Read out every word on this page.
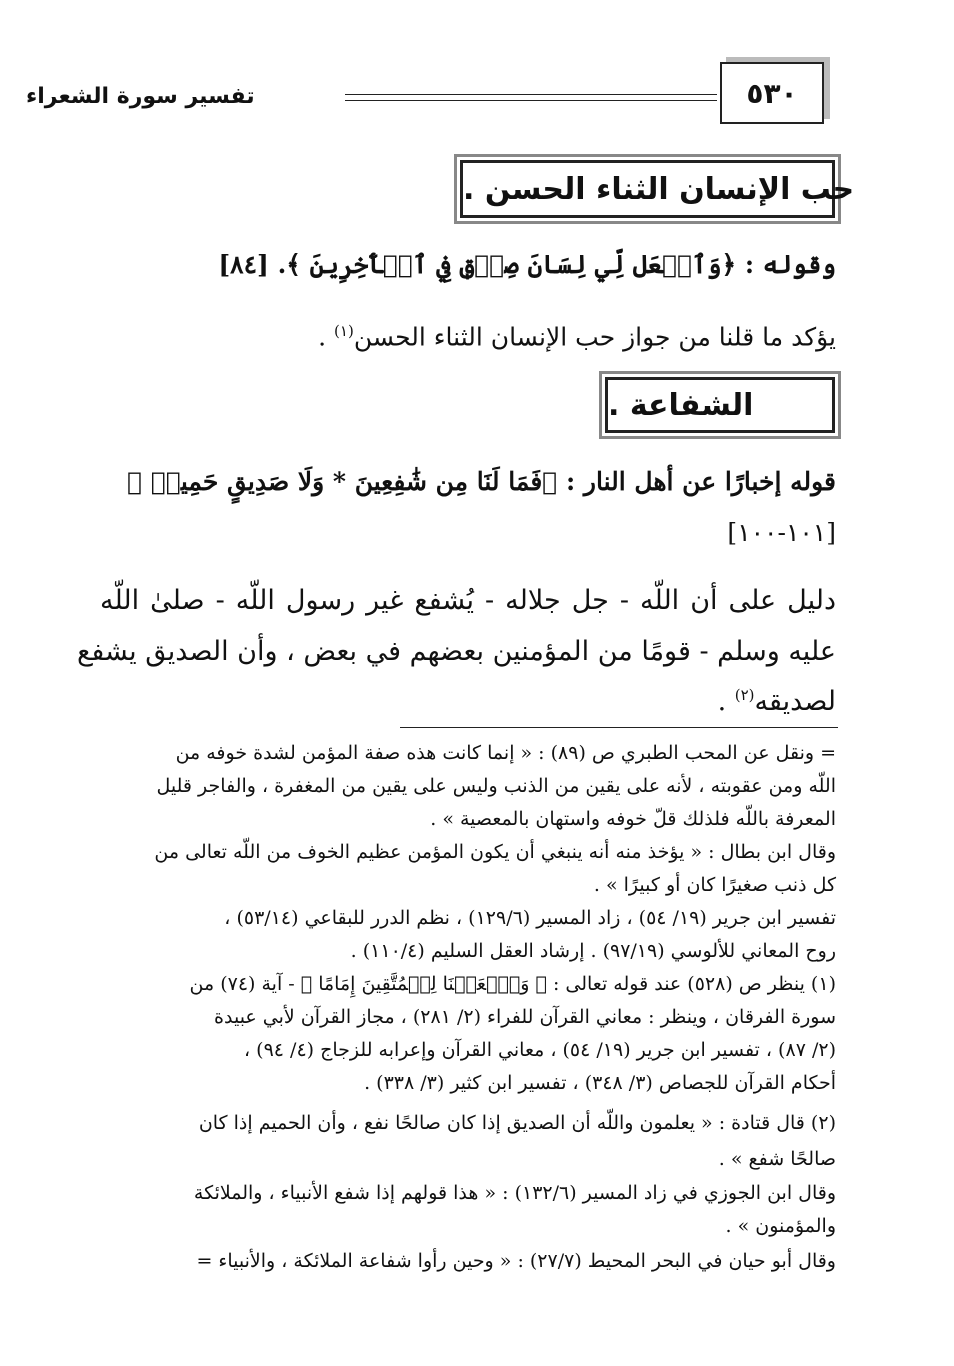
٥٣٠
تفسير سورة الشعراء
حب الإنسان الثناء الحسن .
وقوله : ﴿وَٱجۡعَل لِّي لِسَانَ صِدۡقٖ فِي ٱلۡأٓخِرِينَ ﴾. [٨٤]
يؤكد ما قلنا من جواز حب الإنسان الثناء الحسن$^{(١)}$ .
الشفاعة .
قوله إخبارًا عن أهل النار : ﴿فَمَا لَنَا مِن شَٰفِعِينَ * وَلَا صَدِيقٍ حَمِيمٖ ﴾
[١٠١-١٠٠]
دليل على أن اللّه - جل جلاله - يُشفع غير رسول اللّه - صلىٰ اللّه
عليه وسلم - قومًا من المؤمنين بعضهم في بعض ، وأن الصديق يشفع
لصديقه$^{(٢)}$ .
= ونقل عن المحب الطبري ص (٨٩) : « إنما كانت هذه صفة المؤمن لشدة خوفه من
اللّه ومن عقوبته ، لأنه على يقين من الذنب وليس على يقين من المغفرة ، والفاجر قليل
المعرفة باللّه فلذلك قلّ خوفه واستهان بالمعصية » .
وقال ابن بطال : « يؤخذ منه أنه ينبغي أن يكون المؤمن عظيم الخوف من اللّه تعالى من
كل ذنب صغيرًا كان أو كبيرًا » .
تفسير ابن جرير (١٩/ ٥٤) ، زاد المسير (١٢٩/٦) ، نظم الدرر للبقاعي (٥٣/١٤) ،
روح المعاني للألوسي (٩٧/١٩) . إرشاد العقل السليم (١١٠/٤) .
(١) ينظر ص (٥٢٨) عند قوله تعالى : ﴿ وَٱجۡعَلۡنَا لِلۡمُتَّقِينَ إِمَامًا ﴾ - آية (٧٤) من
سورة الفرقان ، وينظر : معاني القرآن للفراء (٢/ ٢٨١) ، مجاز القرآن لأبي عبيدة
(٢/ ٨٧) ، تفسير ابن جرير (١٩/ ٥٤) ، معاني القرآن وإعرابه للزجاج (٤/ ٩٤) ،
أحكام القرآن للجصاص (٣/ ٣٤٨) ، تفسير ابن كثير (٣/ ٣٣٨) .
(٢) قال قتادة : « يعلمون واللّه أن الصديق إذا كان صالحًا نفع ، وأن الحميم إذا كان
صالحًا شفع » .
وقال ابن الجوزي في زاد المسير (١٣٢/٦) : « هذا قولهم إذا شفع الأنبياء ، والملائكة
والمؤمنون » .
وقال أبو حيان في البحر المحيط (٢٧/٧) : « وحين رأوا شفاعة الملائكة ، والأنبياء =
